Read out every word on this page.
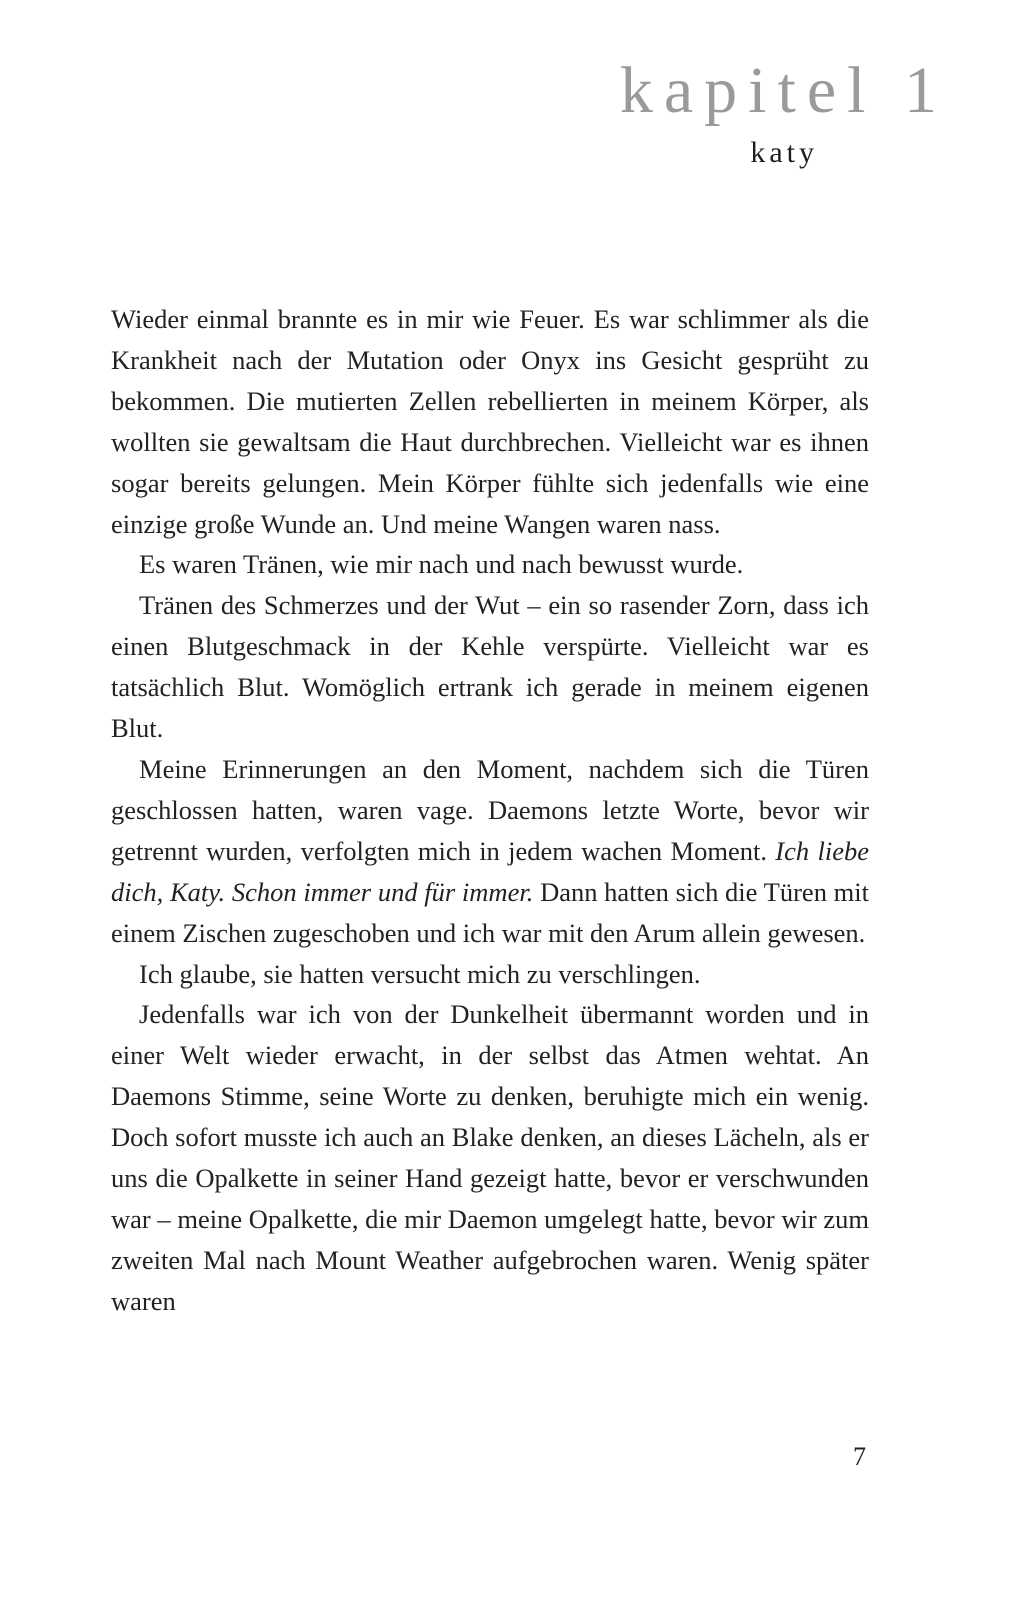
kapitel 1
katy

Wieder einmal brannte es in mir wie Feuer. Es war schlimmer als die Krankheit nach der Mutation oder Onyx ins Gesicht gesprüht zu bekommen. Die mutierten Zellen rebellierten in meinem Körper, als wollten sie gewaltsam die Haut durchbrechen. Vielleicht war es ihnen sogar bereits gelungen. Mein Körper fühlte sich jedenfalls wie eine einzige große Wunde an. Und meine Wangen waren nass.

Es waren Tränen, wie mir nach und nach bewusst wurde.

Tränen des Schmerzes und der Wut – ein so rasender Zorn, dass ich einen Blutgeschmack in der Kehle verspürte. Vielleicht war es tatsächlich Blut. Womöglich ertrank ich gerade in meinem eigenen Blut.

Meine Erinnerungen an den Moment, nachdem sich die Türen geschlossen hatten, waren vage. Daemons letzte Worte, bevor wir getrennt wurden, verfolgten mich in jedem wachen Moment. Ich liebe dich, Katy. Schon immer und für immer. Dann hatten sich die Türen mit einem Zischen zugeschoben und ich war mit den Arum allein gewesen.

Ich glaube, sie hatten versucht mich zu verschlingen.

Jedenfalls war ich von der Dunkelheit übermannt worden und in einer Welt wieder erwacht, in der selbst das Atmen wehtat. An Daemons Stimme, seine Worte zu denken, beruhigte mich ein wenig. Doch sofort musste ich auch an Blake denken, an dieses Lächeln, als er uns die Opalkette in seiner Hand gezeigt hatte, bevor er verschwunden war – meine Opalkette, die mir Daemon umgelegt hatte, bevor wir zum zweiten Mal nach Mount Weather aufgebrochen waren. Wenig später waren

7
